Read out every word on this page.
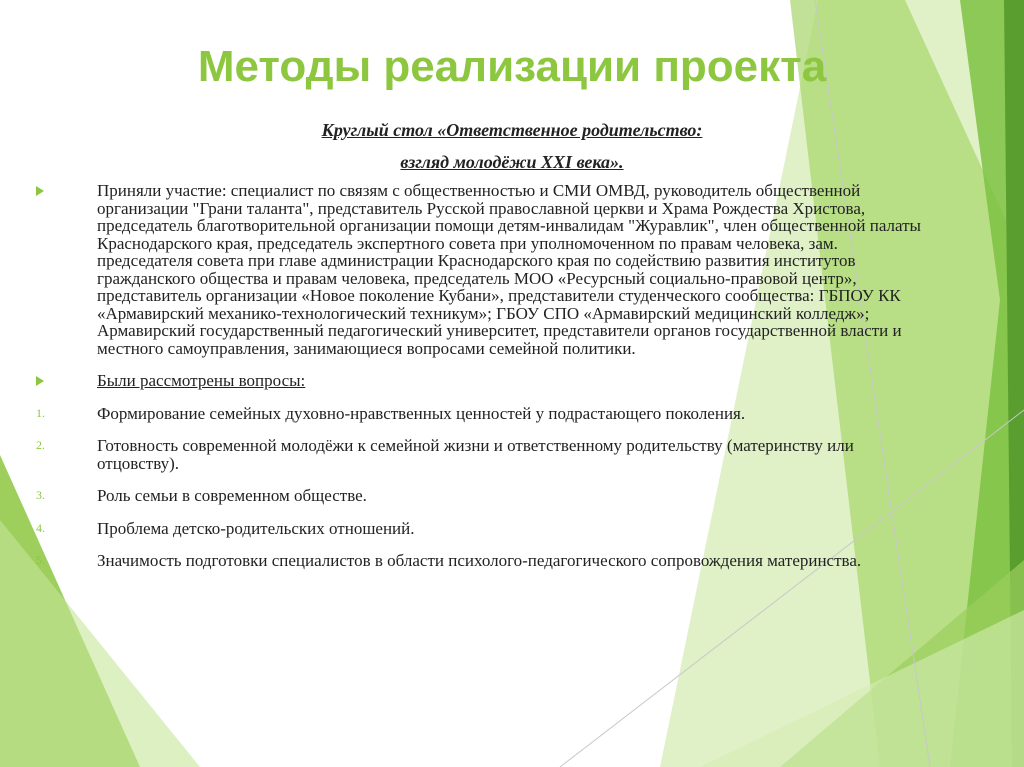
Методы реализации проекта
Круглый стол «Ответственное родительство:
взгляд молодёжи XXI века».
Приняли участие: специалист по связям с общественностью и СМИ ОМВД, руководитель общественной организации "Грани таланта", представитель Русской православной церкви и Храма Рождества Христова, председатель благотворительной организации помощи детям-инвалидам "Журавлик", член общественной палаты Краснодарского края, председатель экспертного совета при уполномоченном по правам человека, зам. председателя совета при главе администрации Краснодарского края по содействию развития институтов гражданского общества и правам человека, председатель МОО «Ресурсный социально-правовой центр», представитель организации «Новое поколение Кубани», представители студенческого сообщества: ГБПОУ КК «Армавирский механико-технологический техникум»; ГБОУ СПО «Армавирский медицинский колледж»; Армавирский государственный педагогический университет, представители органов государственной власти и местного самоуправления, занимающиеся вопросами семейной политики.
Были рассмотрены вопросы:
1.	Формирование семейных духовно-нравственных ценностей у подрастающего поколения.
2.	Готовность современной молодёжи к семейной жизни и ответственному родительству (материнству или отцовству).
3.	Роль семьи в современном обществе.
4.	Проблема детско-родительских отношений.
5.	Значимость подготовки специалистов в области психолого-педагогического сопровождения материнства.
